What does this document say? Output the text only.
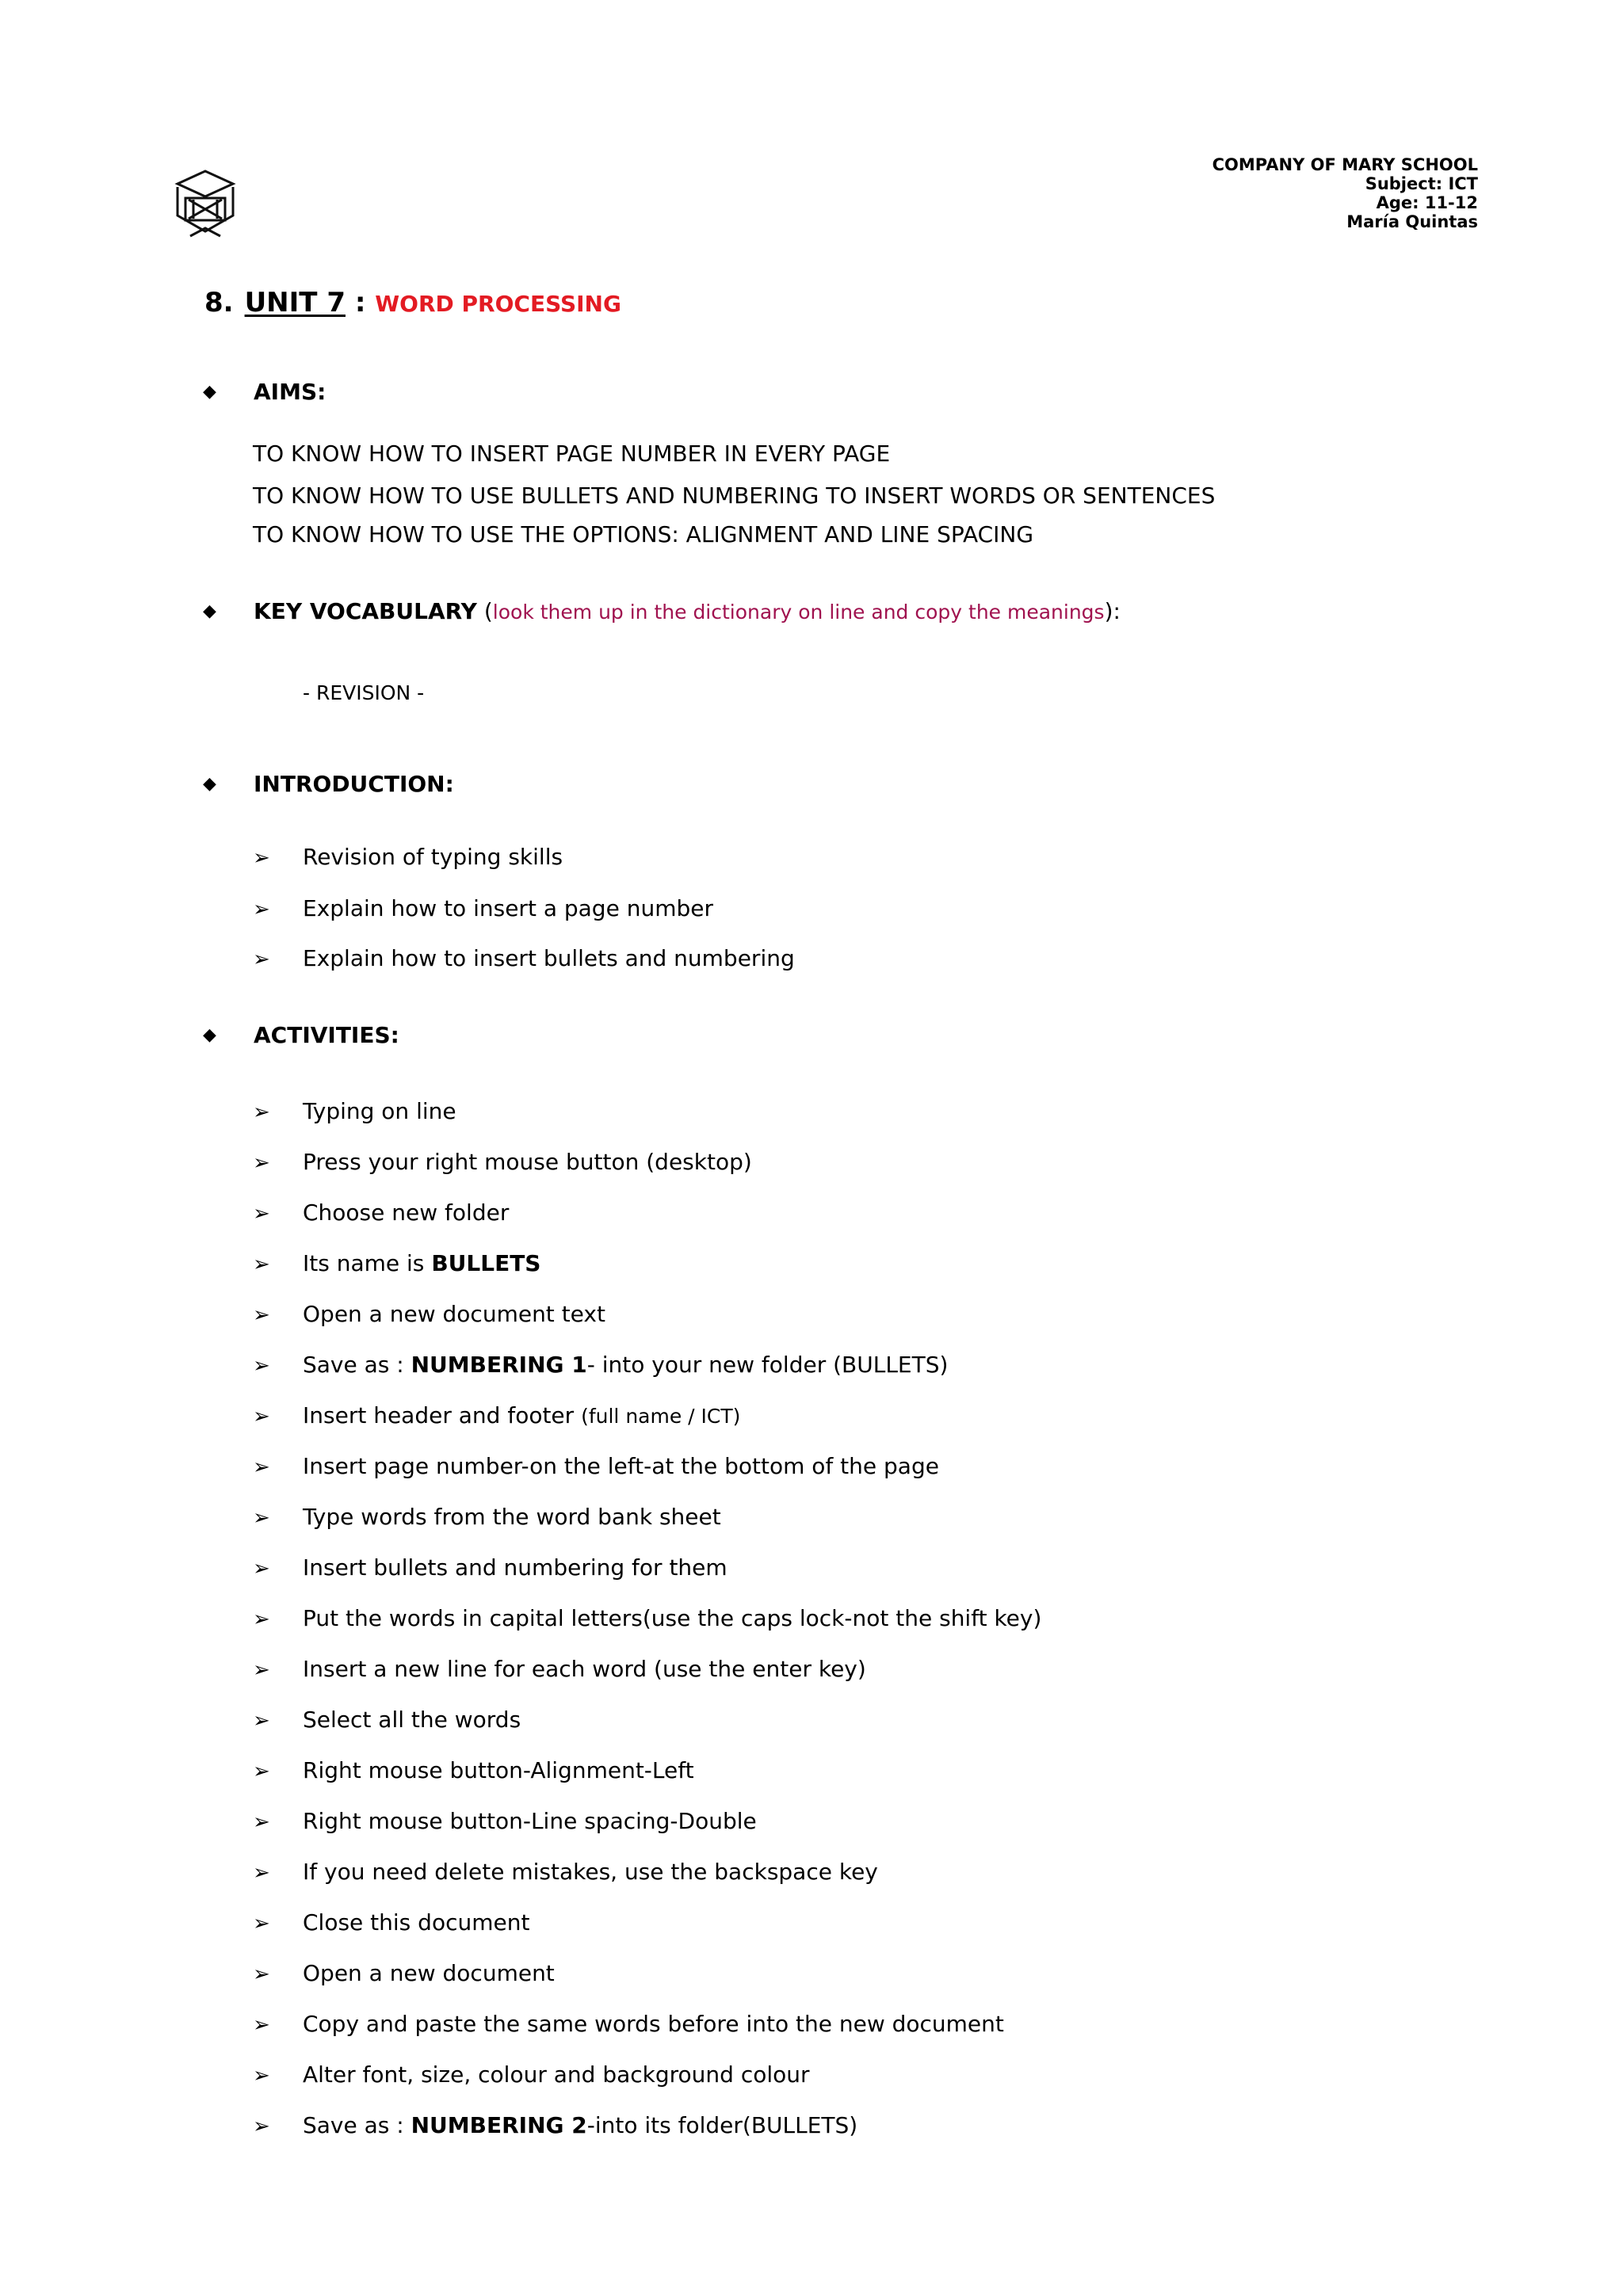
COMPANY OF MARY SCHOOL
Subject: ICT
Age: 11-12
María Quintas
8. UNIT 7 : WORD PROCESSING
◆ AIMS:
TO KNOW HOW TO INSERT PAGE NUMBER IN EVERY PAGE
TO KNOW HOW TO USE BULLETS AND NUMBERING TO INSERT WORDS OR SENTENCES
TO KNOW HOW TO USE THE OPTIONS: ALIGNMENT AND LINE SPACING
◆ KEY VOCABULARY (look them up in the dictionary on line and copy the meanings):
- REVISION -
◆ INTRODUCTION:
➢ Revision of typing skills
➢ Explain how to insert a page number
➢ Explain how to insert bullets and numbering
◆ ACTIVITIES:
➢ Typing on line
➢ Press your right mouse button (desktop)
➢ Choose new folder
➢ Its name is BULLETS
➢ Open a new document text
➢ Save as : NUMBERING 1- into your new folder (BULLETS)
➢ Insert header and footer (full name / ICT)
➢ Insert page number-on the left-at the bottom of the page
➢ Type words from the word bank sheet
➢ Insert bullets and numbering for them
➢ Put the words in capital letters(use the caps lock-not the shift key)
➢ Insert a new line for each word (use the enter key)
➢ Select all the words
➢ Right mouse button-Alignment-Left
➢ Right mouse button-Line spacing-Double
➢ If you need delete mistakes, use the backspace key
➢ Close this document
➢ Open a new document
➢ Copy and paste the same words before into the new document
➢ Alter font, size, colour and background colour
➢ Save as : NUMBERING 2-into its folder(BULLETS)
